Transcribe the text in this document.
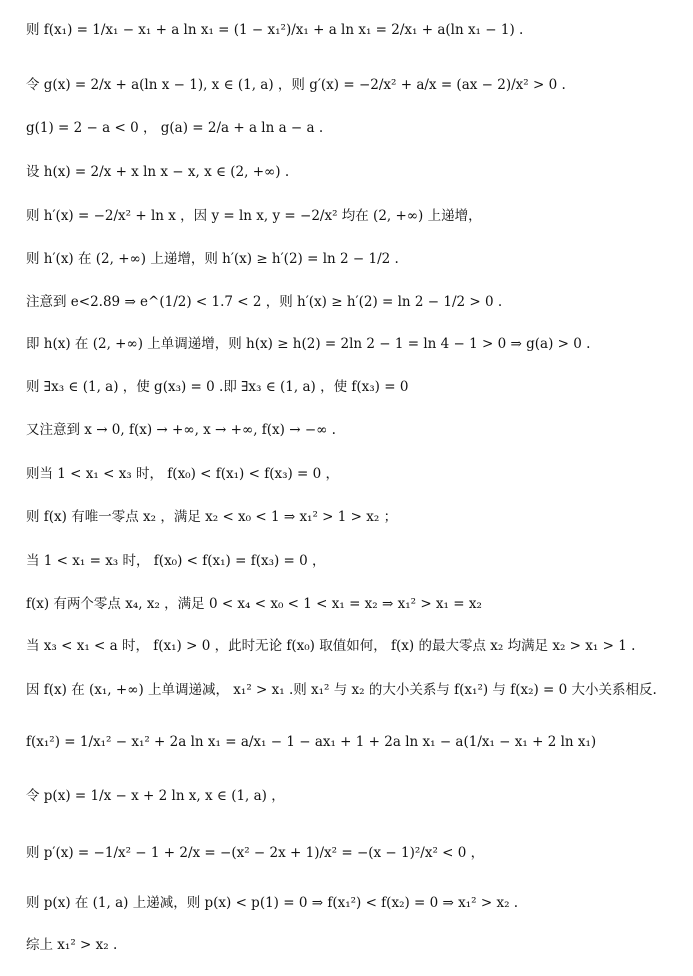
则 f(x₁) = 1/x₁ − x₁ + a ln x₁ = (1 − x₁²)/x₁ + a ln x₁ = 2/x₁ + a(ln x₁ − 1) .
令 g(x) = 2/x + a(ln x − 1), x ∈ (1, a) ，则 g′(x) = −2/x² + a/x = (ax − 2)/x² > 0 .
g(1) = 2 − a < 0 ， g(a) = 2/a + a ln a − a .
设 h(x) = 2/x + x ln x − x, x ∈ (2, +∞) .
则 h′(x) = −2/x² + ln x ，因 y = ln x, y = −2/x² 均在 (2, +∞) 上递增，
则 h′(x) 在 (2, +∞) 上递增，则 h′(x) ≥ h′(2) = ln 2 − 1/2 .
注意到 e<2.89 ⇒ e^(1/2) < 1.7 < 2 ，则 h′(x) ≥ h′(2) = ln 2 − 1/2 > 0 .
即 h(x) 在 (2, +∞) 上单调递增，则 h(x) ≥ h(2) = 2ln 2 − 1 = ln 4 − 1 > 0 ⇒ g(a) > 0 .
则 ∃x₃ ∈ (1, a) ，使 g(x₃) = 0 .即 ∃x₃ ∈ (1, a) ，使 f(x₃) = 0
又注意到 x → 0, f(x) → +∞, x → +∞, f(x) → −∞ .
则当 1 < x₁ < x₃ 时， f(x₀) < f(x₁) < f(x₃) = 0 ，
则 f(x) 有唯一零点 x₂ ，满足 x₂ < x₀ < 1 ⇒ x₁² > 1 > x₂ ；
当 1 < x₁ = x₃ 时， f(x₀) < f(x₁) = f(x₃) = 0 ，
f(x) 有两个零点 x₄, x₂ ，满足 0 < x₄ < x₀ < 1 < x₁ = x₂ ⇒ x₁² > x₁ = x₂
当 x₃ < x₁ < a 时， f(x₁) > 0 ，此时无论 f(x₀) 取值如何， f(x) 的最大零点 x₂ 均满足 x₂ > x₁ > 1 .
因 f(x) 在 (x₁, +∞) 上单调递减， x₁² > x₁ .则 x₁² 与 x₂ 的大小关系与 f(x₁²) 与 f(x₂) = 0 大小关系相反.
f(x₁²) = 1/x₁² − x₁² + 2a ln x₁ = a/x₁ − 1 − ax₁ + 1 + 2a ln x₁ − a(1/x₁ − x₁ + 2 ln x₁)
令 p(x) = 1/x − x + 2 ln x, x ∈ (1, a) ，
则 p′(x) = −1/x² − 1 + 2/x = −(x² − 2x + 1)/x² = −(x − 1)²/x² < 0 ，
则 p(x) 在 (1, a) 上递减，则 p(x) < p(1) = 0 ⇒ f(x₁²) < f(x₂) = 0 ⇒ x₁² > x₂ .
综上 x₁² > x₂ .
